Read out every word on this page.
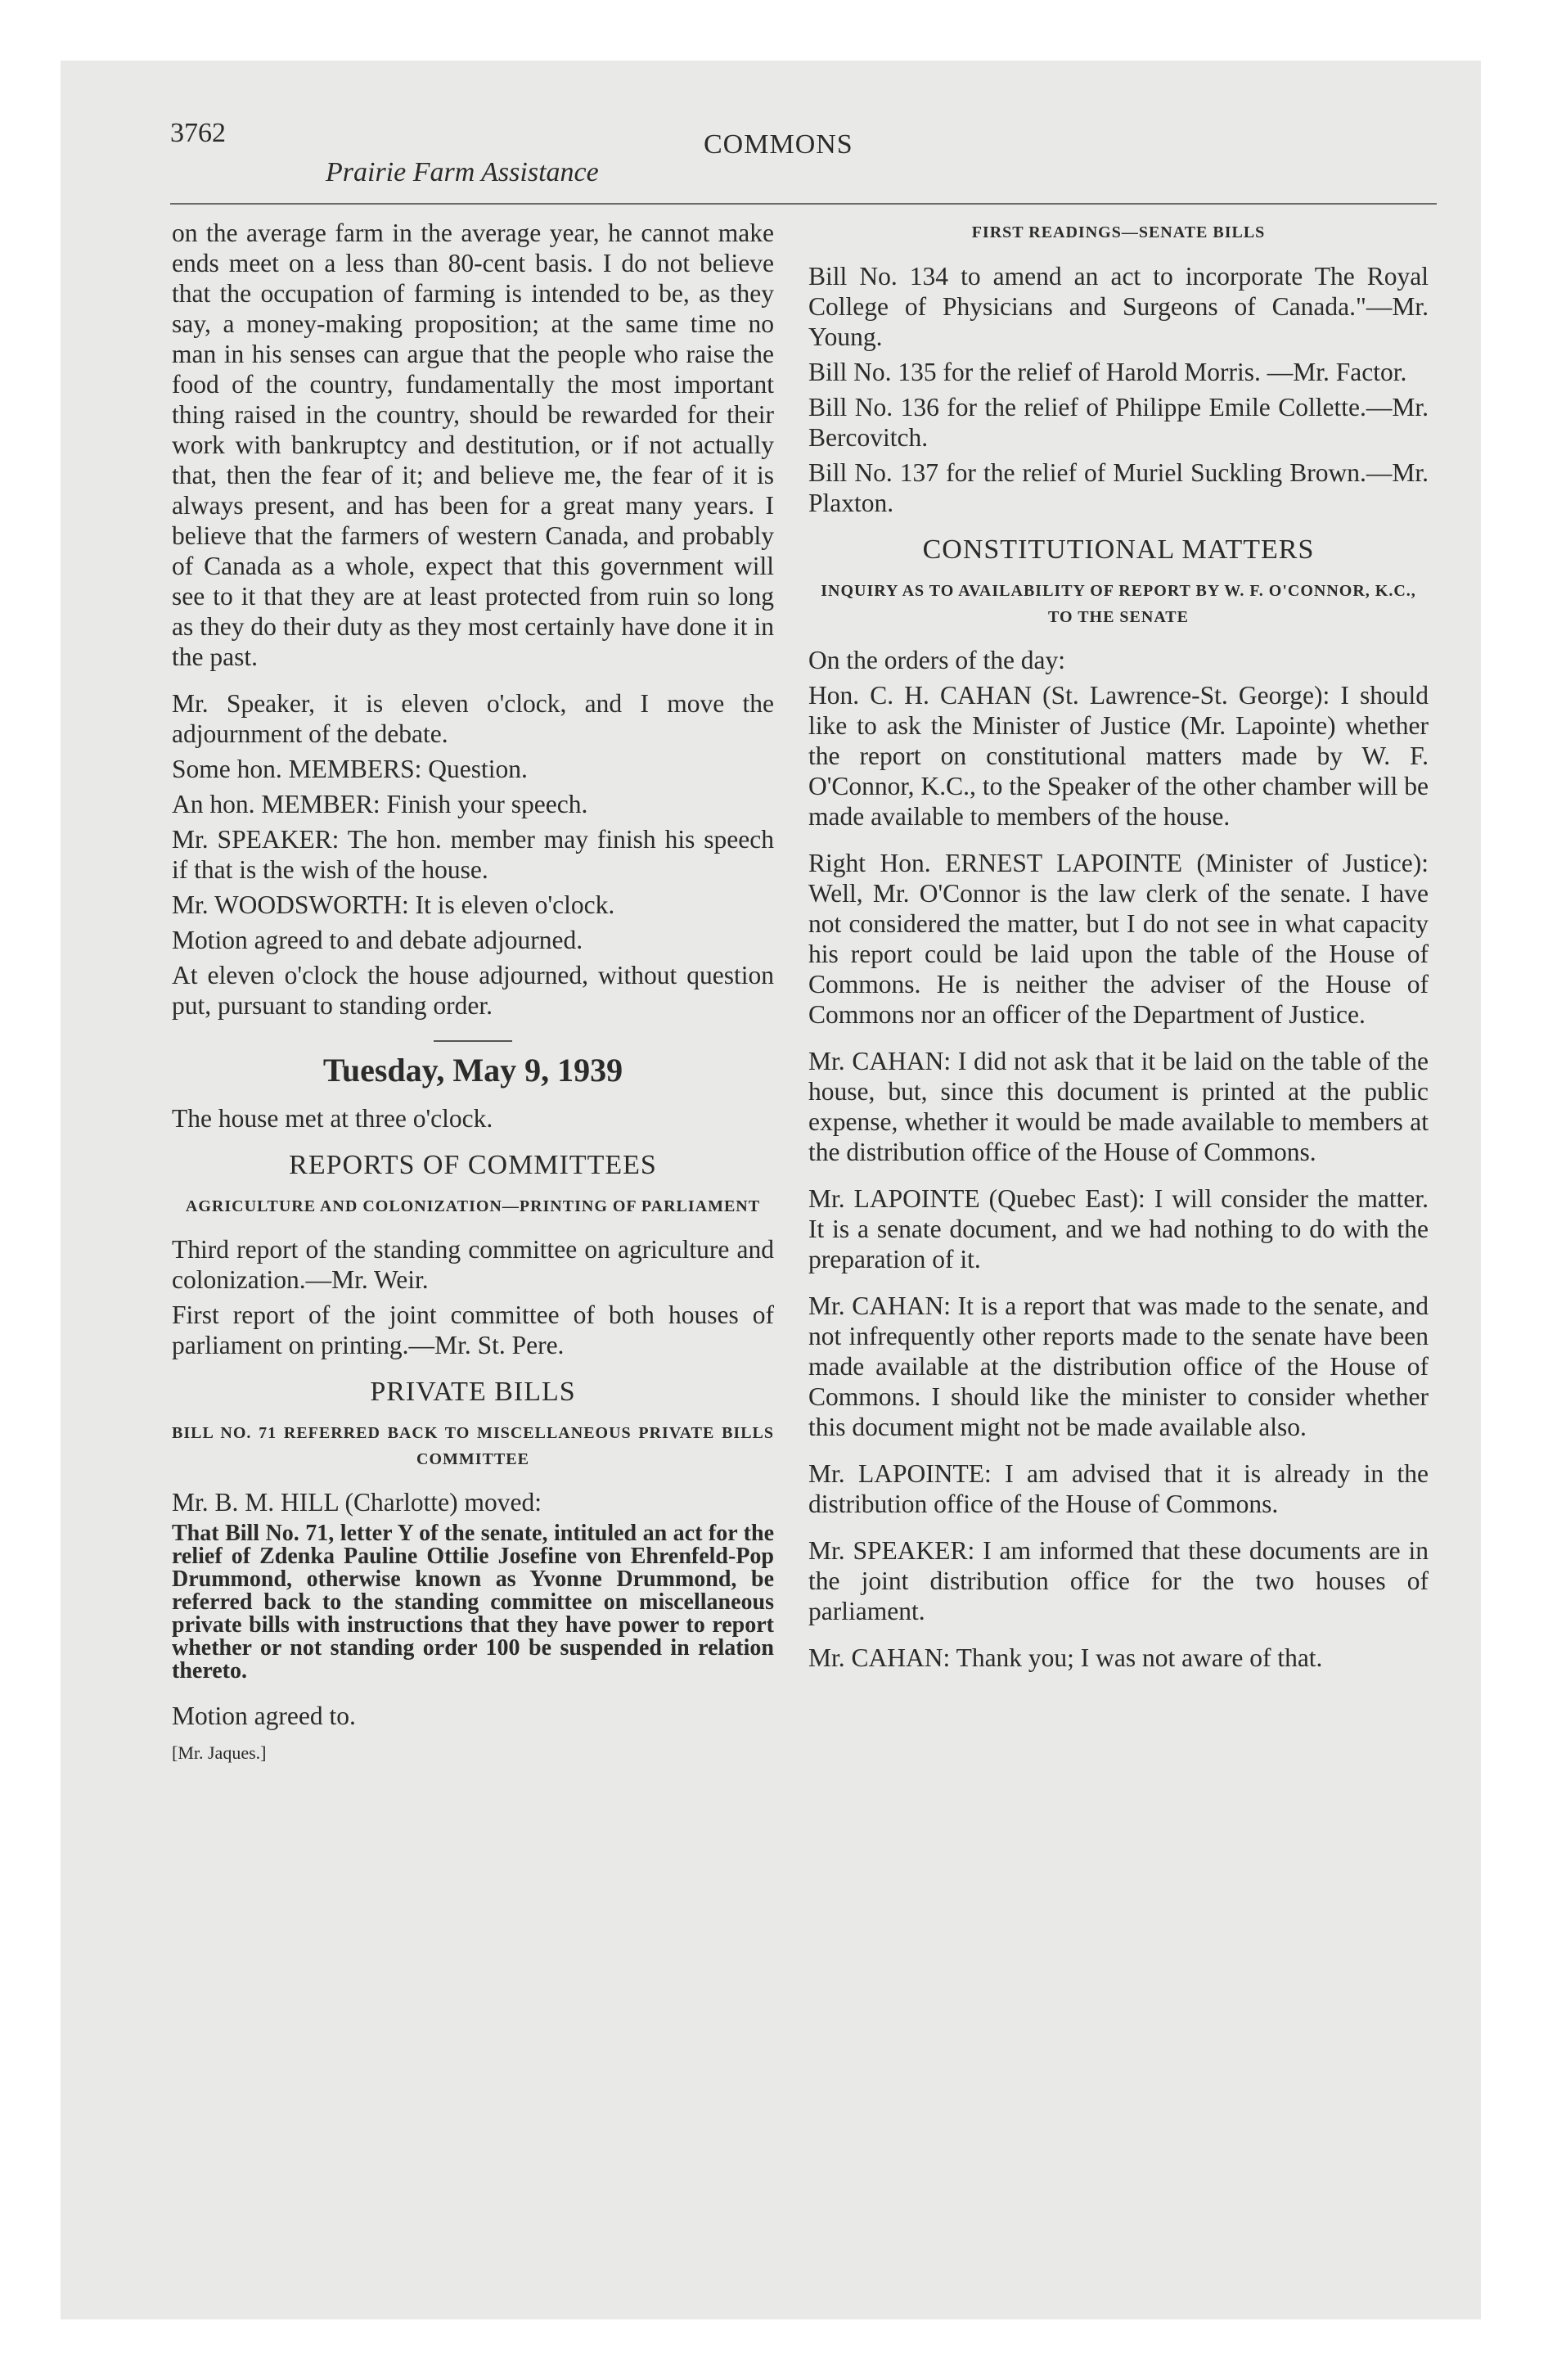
3762
Prairie Farm Assistance
COMMONS

on the average farm in the average year, he cannot make ends meet on a less than 80-cent basis. I do not believe that the occupation of farming is intended to be, as they say, a money-making proposition; at the same time no man in his senses can argue that the people who raise the food of the country, fundamentally the most important thing raised in the country, should be rewarded for their work with bankruptcy and destitution, or if not actually that, then the fear of it; and believe me, the fear of it is always present, and has been for a great many years. I believe that the farmers of western Canada, and probably of Canada as a whole, expect that this government will see to it that they are at least protected from ruin so long as they do their duty as they most certainly have done it in the past.

Mr. Speaker, it is eleven o'clock, and I move the adjournment of the debate.

Some hon. MEMBERS: Question.

An hon. MEMBER: Finish your speech.

Mr. SPEAKER: The hon. member may finish his speech if that is the wish of the house.

Mr. WOODSWORTH: It is eleven o'clock.

Motion agreed to and debate adjourned.

At eleven o'clock the house adjourned, without question put, pursuant to standing order.

Tuesday, May 9, 1939

The house met at three o'clock.

REPORTS OF COMMITTEES
AGRICULTURE AND COLONIZATION—PRINTING OF PARLIAMENT

Third report of the standing committee on agriculture and colonization.—Mr. Weir.

First report of the joint committee of both houses of parliament on printing.—Mr. St. Pere.

PRIVATE BILLS
BILL NO. 71 REFERRED BACK TO MISCELLANEOUS PRIVATE BILLS COMMITTEE

Mr. B. M. HILL (Charlotte) moved:

That Bill No. 71, letter Y of the senate, intituled an act for the relief of Zdenka Pauline Ottilie Josefine von Ehrenfeld-Pop Drummond, otherwise known as Yvonne Drummond, be referred back to the standing committee on miscellaneous private bills with instructions that they have power to report whether or not standing order 100 be suspended in relation thereto.

Motion agreed to.

[Mr. Jaques.]
FIRST READINGS—SENATE BILLS

Bill No. 134 to amend an act to incorporate The Royal College of Physicians and Surgeons of Canada."—Mr. Young.

Bill No. 135 for the relief of Harold Morris. —Mr. Factor.

Bill No. 136 for the relief of Philippe Emile Collette.—Mr. Bercovitch.

Bill No. 137 for the relief of Muriel Suckling Brown.—Mr. Plaxton.

CONSTITUTIONAL MATTERS
INQUIRY AS TO AVAILABILITY OF REPORT BY W. F. O'CONNOR, K.C., TO THE SENATE

On the orders of the day:

Hon. C. H. CAHAN (St. Lawrence-St. George): I should like to ask the Minister of Justice (Mr. Lapointe) whether the report on constitutional matters made by W. F. O'Connor, K.C., to the Speaker of the other chamber will be made available to members of the house.

Right Hon. ERNEST LAPOINTE (Minister of Justice): Well, Mr. O'Connor is the law clerk of the senate. I have not considered the matter, but I do not see in what capacity his report could be laid upon the table of the House of Commons. He is neither the adviser of the House of Commons nor an officer of the Department of Justice.

Mr. CAHAN: I did not ask that it be laid on the table of the house, but, since this document is printed at the public expense, whether it would be made available to members at the distribution office of the House of Commons.

Mr. LAPOINTE (Quebec East): I will consider the matter. It is a senate document, and we had nothing to do with the preparation of it.

Mr. CAHAN: It is a report that was made to the senate, and not infrequently other reports made to the senate have been made available at the distribution office of the House of Commons. I should like the minister to consider whether this document might not be made available also.

Mr. LAPOINTE: I am advised that it is already in the distribution office of the House of Commons.

Mr. SPEAKER: I am informed that these documents are in the joint distribution office for the two houses of parliament.

Mr. CAHAN: Thank you; I was not aware of that.
